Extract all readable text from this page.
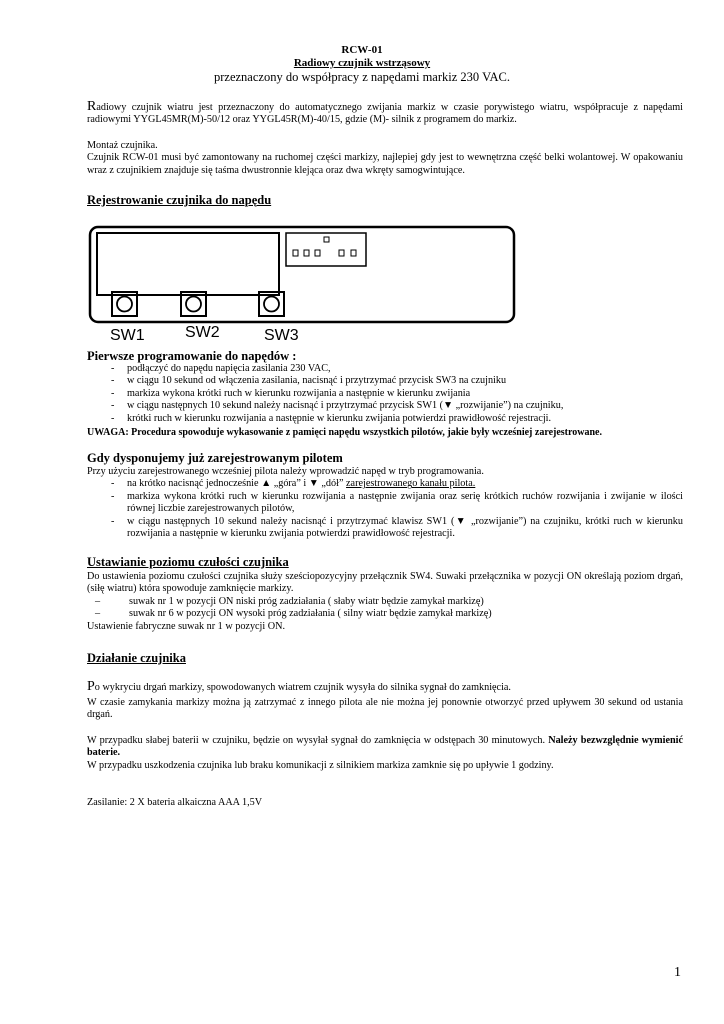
RCW-01
Radiowy czujnik wstrząsowy
przeznaczony do współpracy z napędami markiz 230 VAC.
Radiowy czujnik wiatru jest przeznaczony do automatycznego zwijania markiz w czasie porywistego wiatru, współpracuje z napędami radiowymi YYGL45MR(M)-50/12 oraz YYGL45R(M)-40/15, gdzie (M)- silnik z programem do markiz.
Montaż czujnika.
Czujnik RCW-01 musi być zamontowany na ruchomej części markizy, najlepiej gdy jest to wewnętrzna część belki wolantowej. W opakowaniu wraz z czujnikiem znajduje się taśma dwustronnie klejąca oraz dwa wkręty samogwintujące.
Rejestrowanie czujnika do napędu
SW1	SW2	SW3
Pierwsze programowanie do napędów :
- podłączyć do napędu napięcia zasilania 230 VAC,
- w ciągu 10 sekund od włączenia zasilania, nacisnąć i przytrzymać przycisk SW3 na czujniku
- markiza wykona krótki ruch w kierunku rozwijania a następnie w kierunku zwijania
- w ciągu następnych 10 sekund należy nacisnąć i przytrzymać przycisk SW1 (▼ „rozwijanie”) na czujniku,
- krótki ruch w kierunku rozwijania a następnie w kierunku zwijania potwierdzi prawidłowość rejestracji.
UWAGA: Procedura spowoduje wykasowanie z pamięci napędu wszystkich pilotów, jakie były wcześniej zarejestrowane.
Gdy dysponujemy już zarejestrowanym pilotem
Przy użyciu zarejestrowanego wcześniej pilota należy wprowadzić napęd w tryb programowania.
- na krótko nacisnąć jednocześnie ▲ „góra” i ▼ „dół” zarejestrowanego kanału pilota.
- markiza wykona krótki ruch w kierunku rozwijania a następnie zwijania oraz serię krótkich ruchów rozwijania i zwijanie w ilości równej liczbie zarejestrowanych pilotów,
- w ciągu następnych 10 sekund należy nacisnąć i przytrzymać klawisz SW1 (▼ „rozwijanie”) na czujniku, krótki ruch w kierunku rozwijania a następnie w kierunku zwijania potwierdzi prawidłowość rejestracji.
Ustawianie poziomu czułości czujnika
Do ustawienia poziomu czułości czujnika służy sześciopozycyjny przełącznik SW4. Suwaki przełącznika w pozycji ON określają poziom drgań, (siłę wiatru) która spowoduje zamknięcie markizy.
–	suwak nr 1 w pozycji ON niski próg zadziałania ( słaby wiatr będzie zamykał markizę)
–	suwak nr 6 w pozycji ON wysoki próg zadziałania ( silny wiatr będzie zamykał markizę)
Ustawienie fabryczne suwak nr 1 w pozycji ON.
Działanie czujnika
Po wykryciu drgań markizy, spowodowanych wiatrem czujnik wysyła do silnika sygnał do zamknięcia.
W czasie zamykania markizy można ją zatrzymać z innego pilota ale nie można jej ponownie otworzyć przed upływem 30 sekund od ustania drgań.
W przypadku słabej baterii w czujniku, będzie on wysyłał sygnał do zamknięcia w odstępach 30 minutowych. Należy bezwzględnie wymienić baterie.
W przypadku uszkodzenia czujnika lub braku komunikacji z silnikiem markiza zamknie się po upływie 1 godziny.
Zasilanie: 2 X bateria alkaiczna AAA 1,5V
1
